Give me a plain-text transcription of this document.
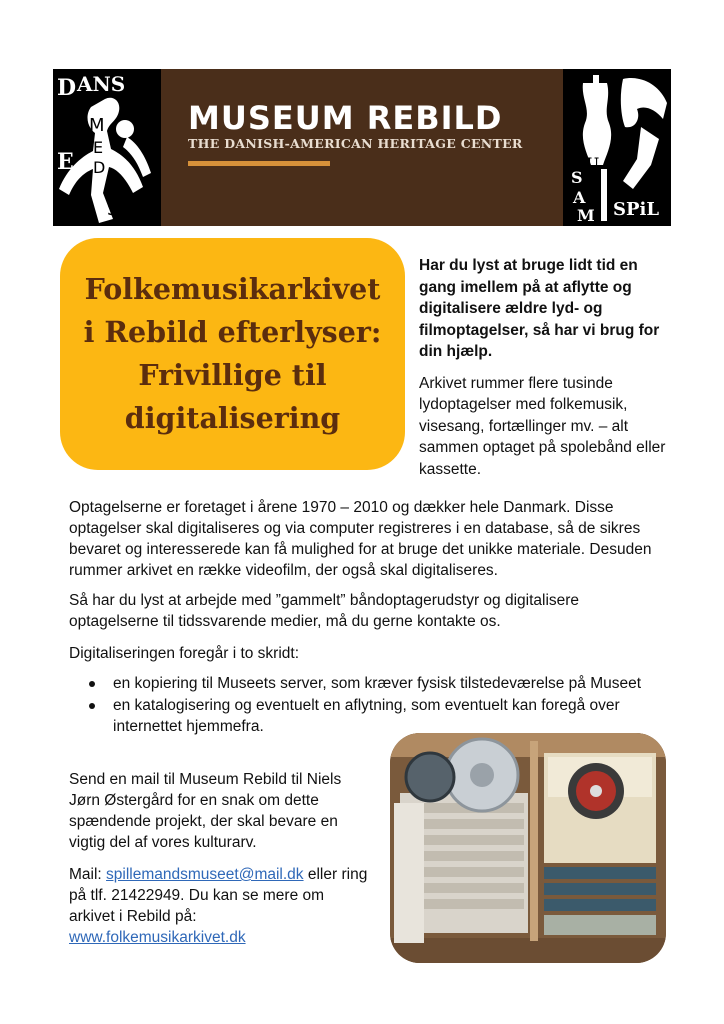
D ANS
M
E
D
E
S
E
MUSEUM REBILD
THE DANISH-AMERICAN HERITAGE CENTER
S
U
A
M SPiL
Folkemusikarkivet
i Rebild efterlyser:
Frivillige til
digitalisering

Har du lyst at bruge lidt tid en gang imellem på at aflytte og digitalisere ældre lyd- og filmoptagelser, så har vi brug for din hjælp.

Arkivet rummer flere tusinde lydoptagelser med folkemusik, visesang, fortællinger mv. – alt sammen optaget på spolebånd eller kassette.

Optagelserne er foretaget i årene 1970 – 2010 og dækker hele Danmark. Disse optagelser skal digitaliseres og via computer registreres i en database, så de sikres bevaret og interesserede kan få mulighed for at bruge det unikke materiale. Desuden rummer arkivet en række videofilm, der også skal digitaliseres.

Så har du lyst at arbejde med ”gammelt” båndoptagerudstyr og digitalisere optagelserne til tidssvarende medier, må du gerne kontakte os.

Digitaliseringen foregår i to skridt:

en kopiering til Museets server, som kræver fysisk tilstedeværelse på Museet
en katalogisering og eventuelt en aflytning, som eventuelt kan foregå over internettet hjemmefra.

Send en mail til Museum Rebild til Niels Jørn Østergård for en snak om dette spændende projekt, der skal bevare en vigtig del af vores kulturarv.

Mail: spillemandsmuseet@mail.dk eller ring på tlf. 21422949. Du kan se mere om arkivet i Rebild på: www.folkemusikarkivet.dk
